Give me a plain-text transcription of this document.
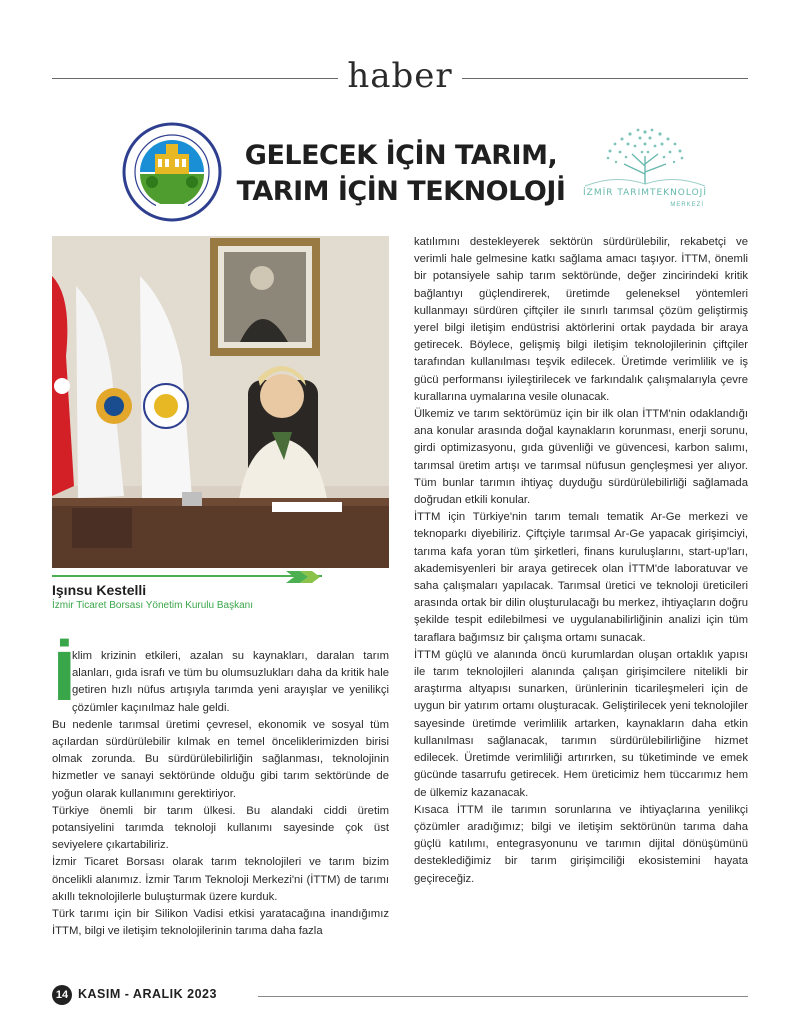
haber
GELECEK İÇİN TARIM,
TARIM İÇİN TEKNOLOJİ	İZMİR TARIMTEKNOLOJİ
MERKEZİ
Işınsu Kestelli
İzmir Ticaret Borsası Yönetim Kurulu Başkanı

İ
klim krizinin etkileri, azalan su kaynakları, daralan tarım alanları, gıda israfı ve tüm bu olumsuzlukları daha da kritik hale getiren hızlı nüfus artışıyla tarımda yeni arayışlar ve yenilikçi çözümler kaçınılmaz hale geldi.

Bu nedenle tarımsal üretimi çevresel, ekonomik ve sosyal tüm açılardan sürdürülebilir kılmak en temel önceliklerimizden birisi olmak zorunda. Bu sürdürülebilirliğin sağlanması, teknolojinin hizmetler ve sanayi sektöründe olduğu gibi tarım sektöründe de yoğun olarak kullanımını gerektiriyor.

Türkiye önemli bir tarım ülkesi. Bu alandaki ciddi üretim potansiyelini tarımda teknoloji kullanımı sayesinde çok üst seviyelere çıkartabiliriz.

İzmir Ticaret Borsası olarak tarım teknolojileri ve tarım bizim öncelikli alanımız. İzmir Tarım Teknoloji Merkezi'ni (İTTM) de tarımı akıllı teknolojilerle buluşturmak üzere kurduk.

Türk tarımı için bir Silikon Vadisi etkisi yaratacağına inandığımız İTTM, bilgi ve iletişim teknolojilerinin tarıma daha fazla

katılımını destekleyerek sektörün sürdürülebilir, rekabetçi ve verimli hale gelmesine katkı sağlama amacı taşıyor. İTTM, önemli bir potansiyele sahip tarım sektöründe, değer zincirindeki kritik bağlantıyı güçlendirerek, üretimde geleneksel yöntemleri kullanmayı sürdüren çiftçiler ile sınırlı tarımsal çözüm geliştirmiş yerel bilgi iletişim endüstrisi aktörlerini ortak paydada bir araya getirecek. Böylece, gelişmiş bilgi iletişim teknolojilerinin çiftçiler tarafından kullanılması teşvik edilecek. Üretimde verimlilik ve iş gücü performansı iyileştirilecek ve farkındalık çalışmalarıyla çevre kurallarına uymalarına vesile olunacak.

Ülkemiz ve tarım sektörümüz için bir ilk olan İTTM'nin odaklandığı ana konular arasında doğal kaynakların korunması, enerji sorunu, girdi optimizasyonu, gıda güvenliği ve güvencesi, karbon salımı, tarımsal üretim artışı ve tarımsal nüfusun gençleşmesi yer alıyor. Tüm bunlar tarımın ihtiyaç duyduğu sürdürülebilirliği sağlamada doğrudan etkili konular.

İTTM için Türkiye'nin tarım temalı tematik Ar-Ge merkezi ve teknoparkı diyebiliriz. Çiftçiyle tarımsal Ar-Ge yapacak girişimciyi, tarıma kafa yoran tüm şirketleri, finans kuruluşlarını, start-up'ları, akademisyenleri bir araya getirecek olan İTTM'de laboratuvar ve saha çalışmaları yapılacak. Tarımsal üretici ve teknoloji üreticileri arasında ortak bir dilin oluşturulacağı bu merkez, ihtiyaçların doğru şekilde tespit edilebilmesi ve uygulanabilirliğinin analizi için tüm taraflara bağımsız bir çalışma ortamı sunacak.

İTTM güçlü ve alanında öncü kurumlardan oluşan ortaklık yapısı ile tarım teknolojileri alanında çalışan girişimcilere nitelikli bir araştırma altyapısı sunarken, ürünlerinin ticarileşmeleri için de uygun bir yatırım ortamı oluşturacak. Geliştirilecek yeni teknolojiler sayesinde üretimde verimlilik artarken, kaynakların daha etkin kullanılması sağlanacak, tarımın sürdürülebilirliğine hizmet edilecek. Üretimde verimliliği artırırken, su tüketiminde ve emek gücünde tasarrufu getirecek. Hem üreticimiz hem tüccarımız hem de ülkemiz kazanacak.

Kısaca İTTM ile tarımın sorunlarına ve ihtiyaçlarına yenilikçi çözümler aradığımız; bilgi ve iletişim sektörünün tarıma daha güçlü katılımı, entegrasyonunu ve tarımın dijital dönüşümünü desteklediğimiz bir tarım girişimciliği ekosistemini hayata geçireceğiz.

14 KASIM - ARALIK 2023
